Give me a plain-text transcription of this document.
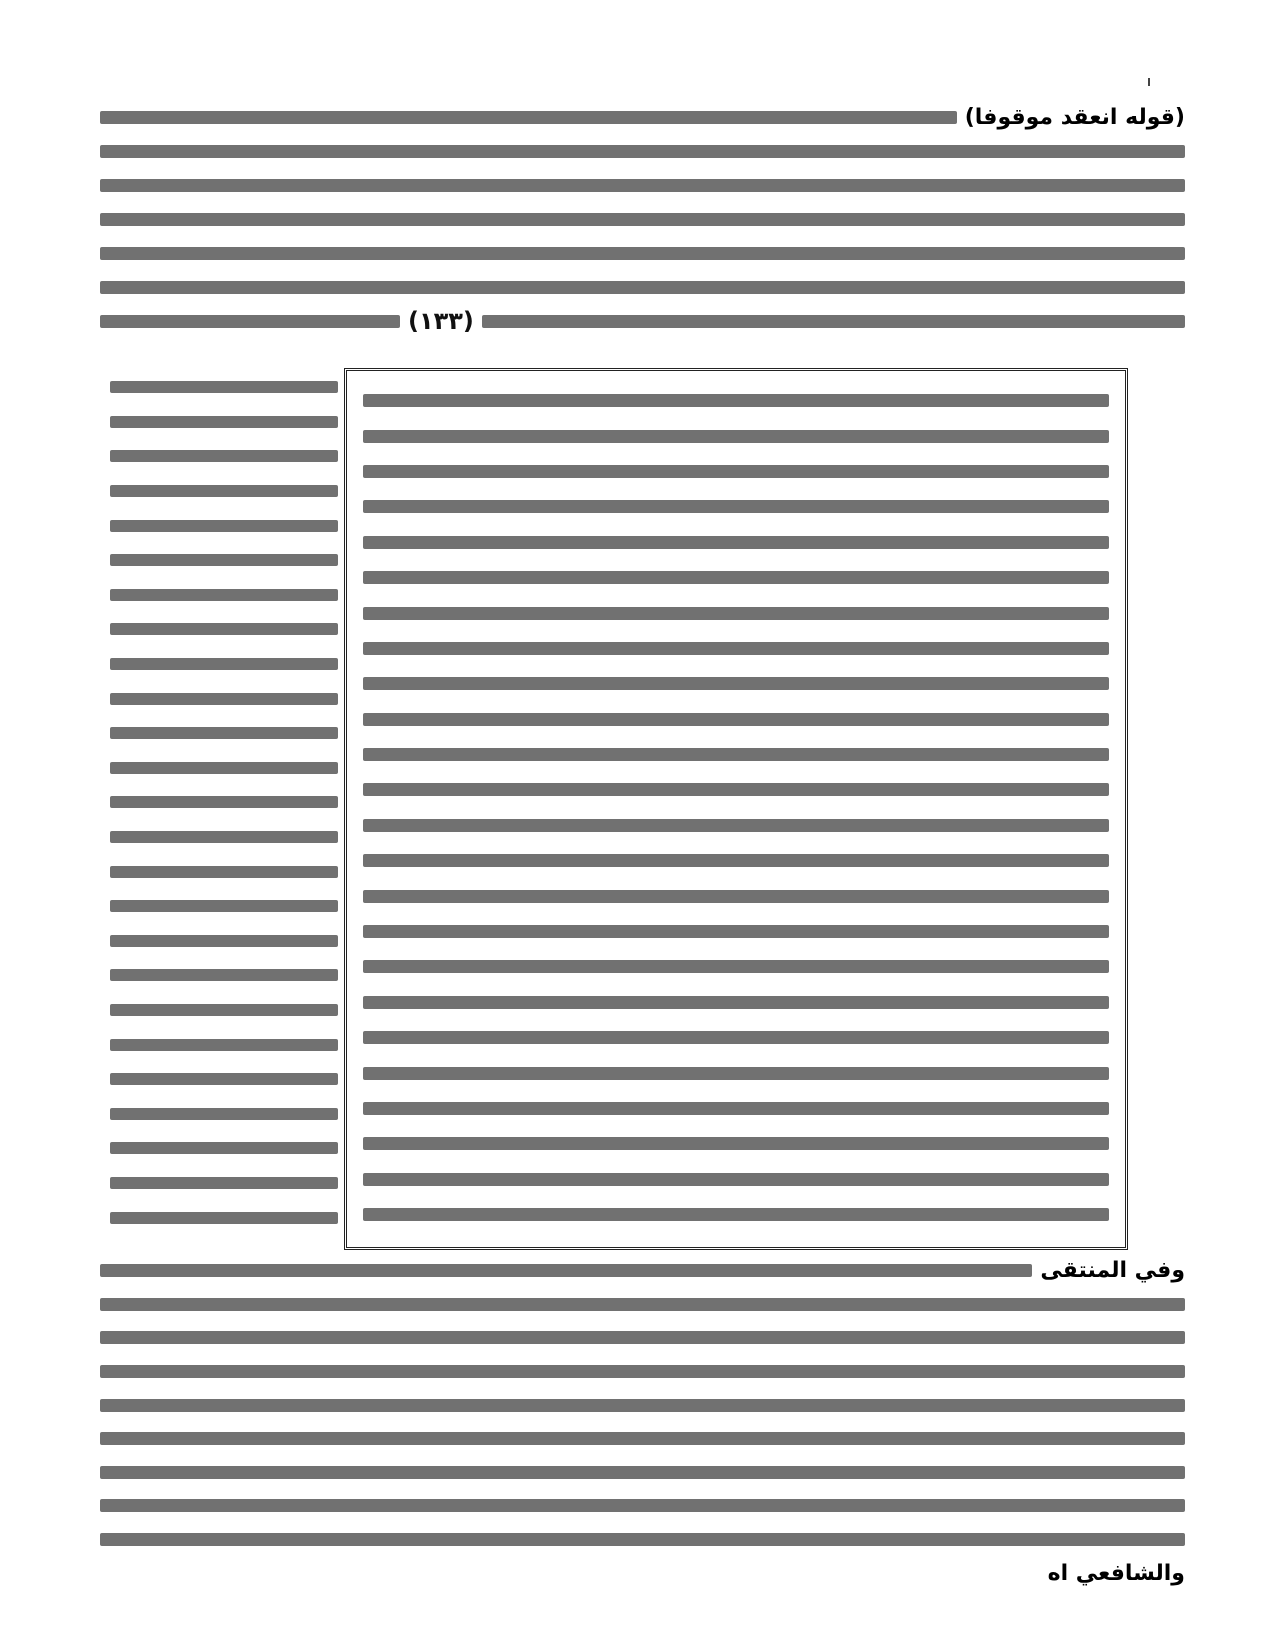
(قوله انعقد موقوفا)
(١٣٣)
وفي المنتقى
والشافعي اه
